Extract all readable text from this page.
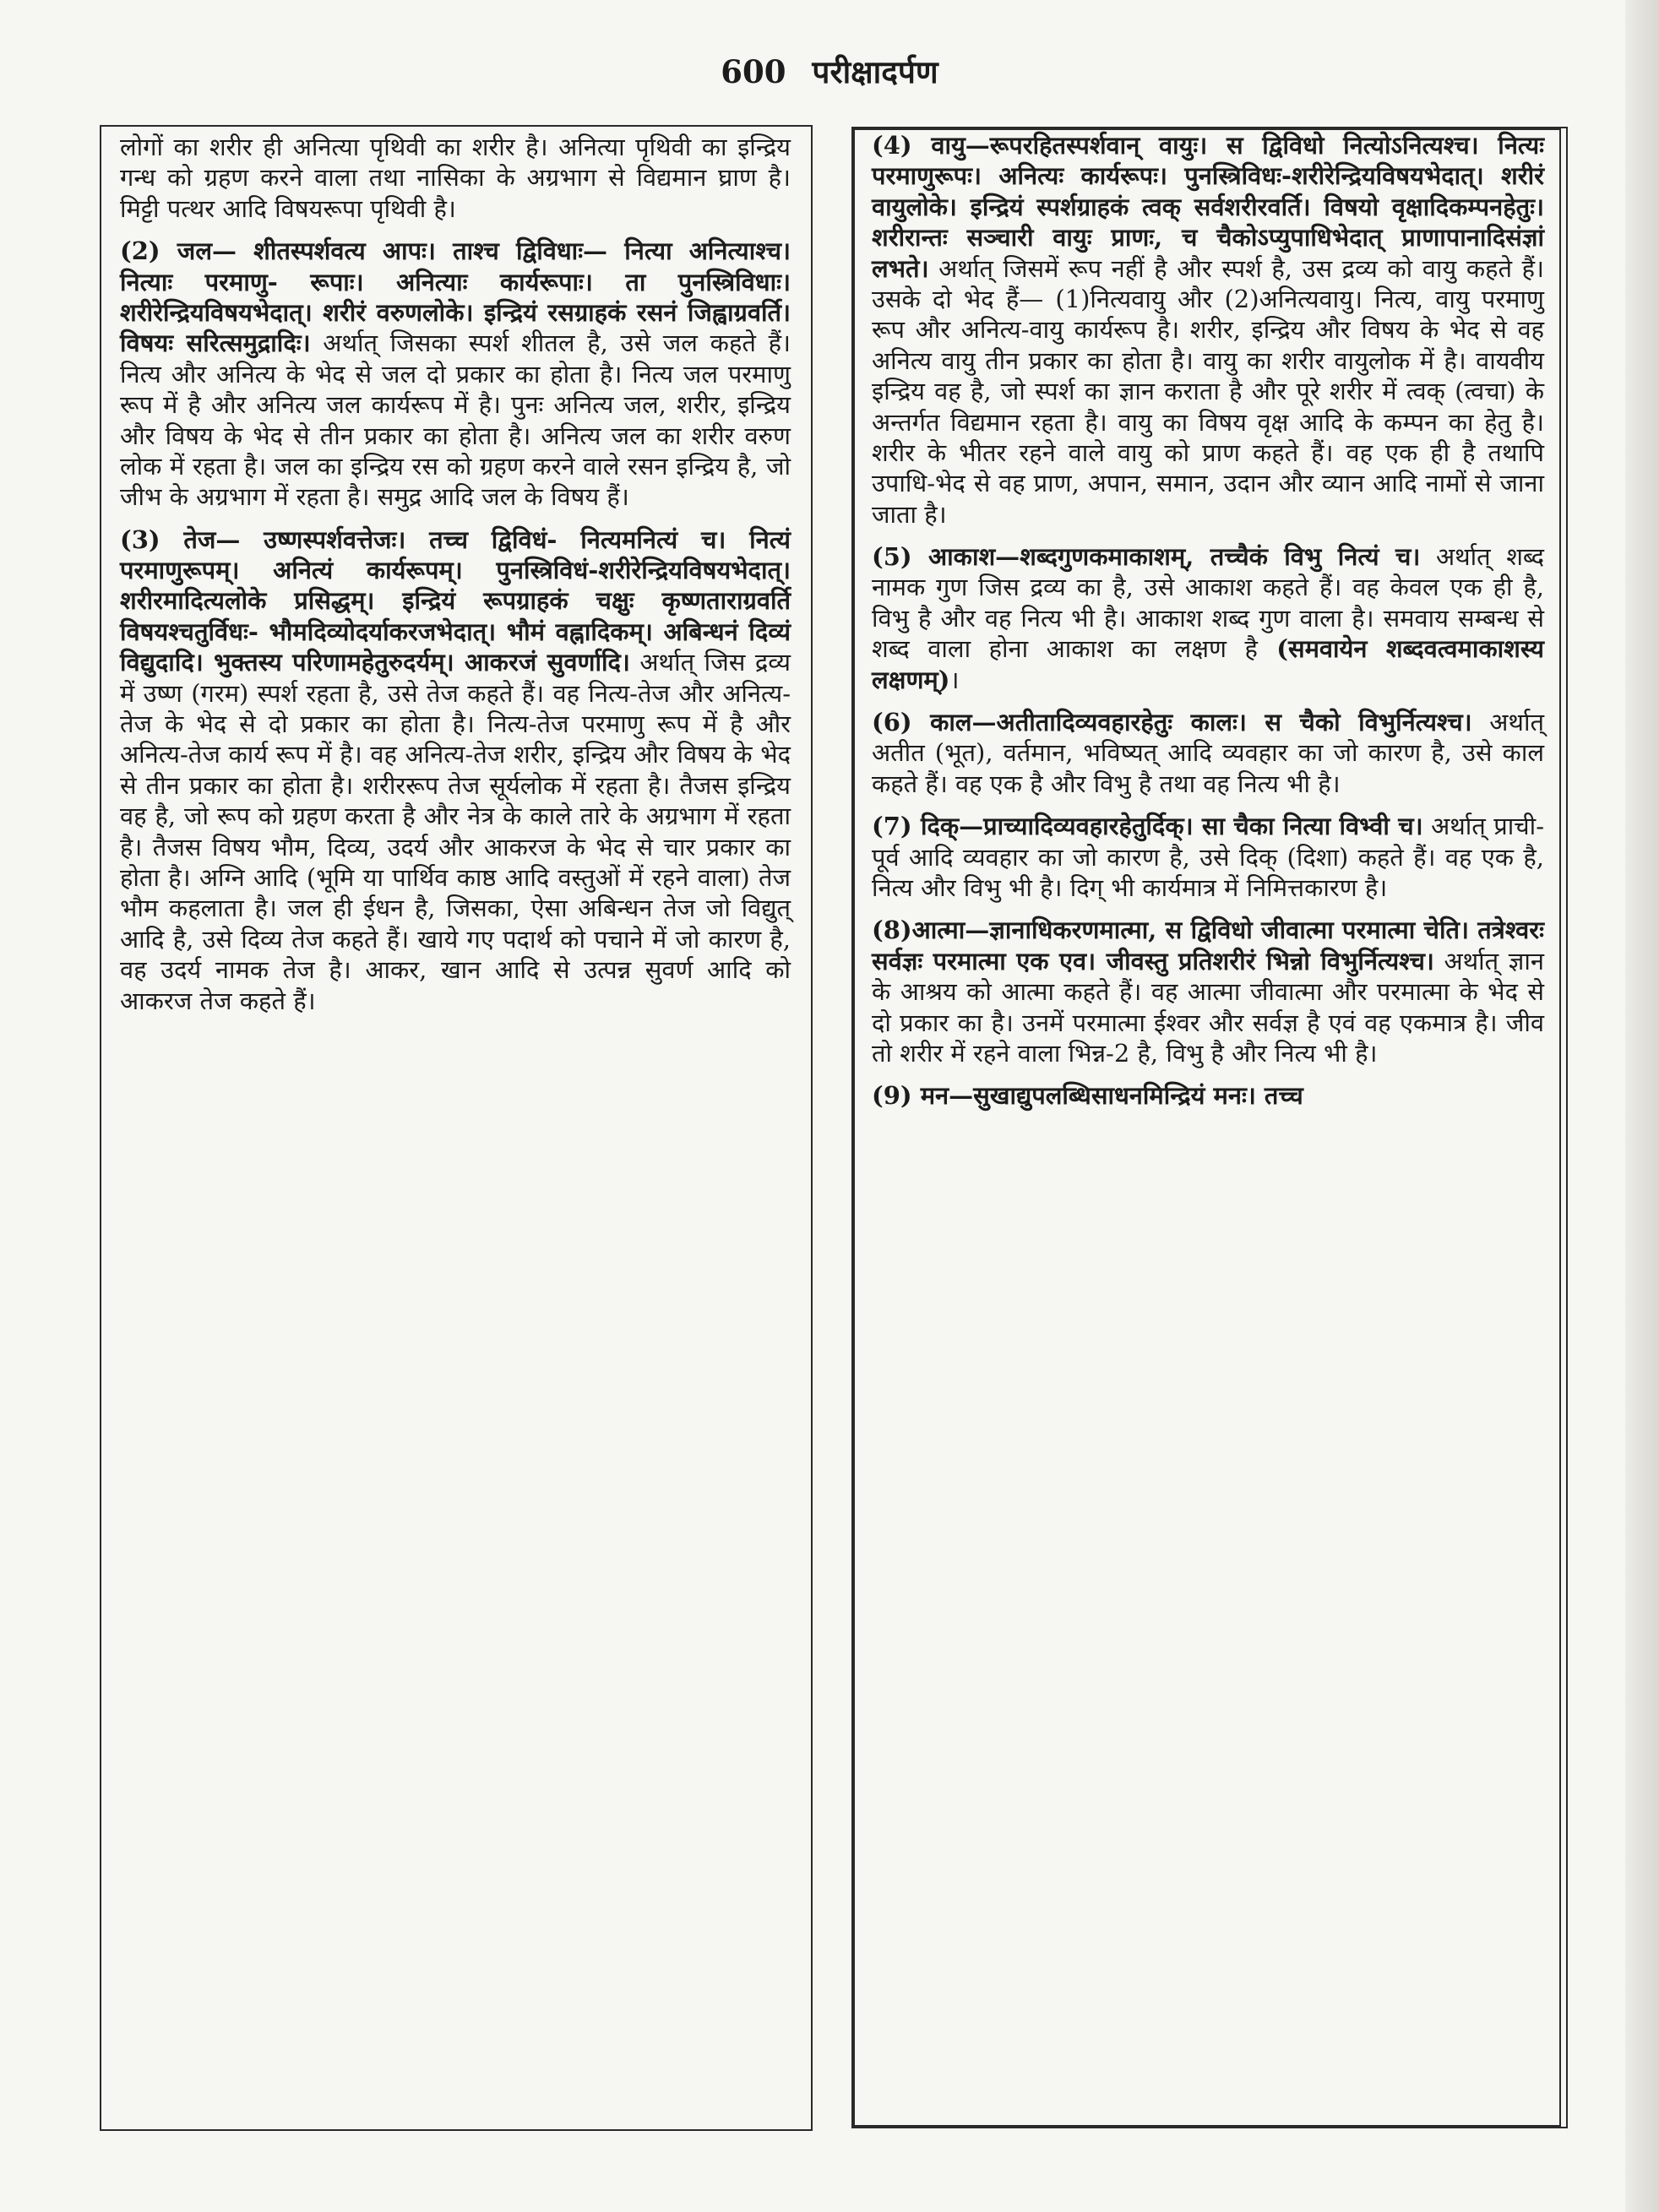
600 परीक्षादर्पण

लोगों का शरीर ही अनित्या पृथिवी का शरीर है। अनित्या पृथिवी का इन्द्रिय गन्ध को ग्रहण करने वाला तथा नासिका के अग्रभाग से विद्यमान घ्राण है। मिट्टी पत्थर आदि विषयरूपा पृथिवी है।

(2) जल— शीतस्पर्शवत्य आपः। ताश्च द्विविधाः— नित्या अनित्याश्च। नित्याः परमाणु- रूपाः। अनित्याः कार्यरूपाः। ता पुनस्त्रिविधाः। शरीरेन्द्रियविषयभेदात्। शरीरं वरुणलोके। इन्द्रियं रसग्राहकं रसनं जिह्वाग्रवर्ति। विषयः सरित्समुद्रादिः। अर्थात् जिसका स्पर्श शीतल है, उसे जल कहते हैं। नित्य और अनित्य के भेद से जल दो प्रकार का होता है। नित्य जल परमाणु रूप में है और अनित्य जल कार्यरूप में है। पुनः अनित्य जल, शरीर, इन्द्रिय और विषय के भेद से तीन प्रकार का होता है। अनित्य जल का शरीर वरुण लोक में रहता है। जल का इन्द्रिय रस को ग्रहण करने वाले रसन इन्द्रिय है, जो जीभ के अग्रभाग में रहता है। समुद्र आदि जल के विषय हैं।

(3) तेज— उष्णस्पर्शवत्तेजः। तच्च द्विविधं- नित्यमनित्यं च। नित्यं परमाणुरूपम्। अनित्यं कार्यरूपम्। पुनस्त्रिविधं-शरीरेन्द्रियविषयभेदात्। शरीरमादित्यलोके प्रसिद्धम्। इन्द्रियं रूपग्राहकं चक्षुः कृष्णताराग्रवर्ति विषयश्चतुर्विधः- भौमदिव्योदर्याकरजभेदात्। भौमं वह्नादिकम्। अबिन्धनं दिव्यं विद्युदादि। भुक्तस्य परिणामहेतुरुदर्यम्। आकरजं सुवर्णादि। अर्थात् जिस द्रव्य में उष्ण (गरम) स्पर्श रहता है, उसे तेज कहते हैं। वह नित्य-तेज और अनित्य-तेज के भेद से दो प्रकार का होता है। नित्य-तेज परमाणु रूप में है और अनित्य-तेज कार्य रूप में है। वह अनित्य-तेज शरीर, इन्द्रिय और विषय के भेद से तीन प्रकार का होता है। शरीररूप तेज सूर्यलोक में रहता है। तैजस इन्द्रिय वह है, जो रूप को ग्रहण करता है और नेत्र के काले तारे के अग्रभाग में रहता है। तैजस विषय भौम, दिव्य, उदर्य और आकरज के भेद से चार प्रकार का होता है। अग्नि आदि (भूमि या पार्थिव काष्ठ आदि वस्तुओं में रहने वाला) तेज भौम कहलाता है। जल ही ईधन है, जिसका, ऐसा अबिन्धन तेज जो विद्युत् आदि है, उसे दिव्य तेज कहते हैं। खाये गए पदार्थ को पचाने में जो कारण है, वह उदर्य नामक तेज है। आकर, खान आदि से उत्पन्न सुवर्ण आदि को आकरज तेज कहते हैं।

(4) वायु—रूपरहितस्पर्शवान् वायुः। स द्विविधो नित्योऽनित्यश्च। नित्यः परमाणुरूपः। अनित्यः कार्यरूपः। पुनस्त्रिविधः-शरीरेन्द्रियविषयभेदात्। शरीरं वायुलोके। इन्द्रियं स्पर्शग्राहकं त्वक् सर्वशरीरवर्ति। विषयो वृक्षादिकम्पनहेतुः। शरीरान्तः सञ्चारी वायुः प्राणः, च चैकोऽप्युपाधिभेदात् प्राणापानादिसंज्ञां लभते। अर्थात् जिसमें रूप नहीं है और स्पर्श है, उस द्रव्य को वायु कहते हैं। उसके दो भेद हैं— (1)नित्यवायु और (2)अनित्यवायु। नित्य, वायु परमाणु रूप और अनित्य-वायु कार्यरूप है। शरीर, इन्द्रिय और विषय के भेद से वह अनित्य वायु तीन प्रकार का होता है। वायु का शरीर वायुलोक में है। वायवीय इन्द्रिय वह है, जो स्पर्श का ज्ञान कराता है और पूरे शरीर में त्वक् (त्वचा) के अन्तर्गत विद्यमान रहता है। वायु का विषय वृक्ष आदि के कम्पन का हेतु है। शरीर के भीतर रहने वाले वायु को प्राण कहते हैं। वह एक ही है तथापि उपाधि-भेद से वह प्राण, अपान, समान, उदान और व्यान आदि नामों से जाना जाता है।

(5) आकाश—शब्दगुणकमाकाशम्, तच्चैकं विभु नित्यं च। अर्थात् शब्द नामक गुण जिस द्रव्य का है, उसे आकाश कहते हैं। वह केवल एक ही है, विभु है और वह नित्य भी है। आकाश शब्द गुण वाला है। समवाय सम्बन्ध से शब्द वाला होना आकाश का लक्षण है (समवायेन शब्दवत्वमाकाशस्य लक्षणम्)।

(6) काल—अतीतादिव्यवहारहेतुः कालः। स चैको विभुर्नित्यश्च। अर्थात् अतीत (भूत), वर्तमान, भविष्यत् आदि व्यवहार का जो कारण है, उसे काल कहते हैं। वह एक है और विभु है तथा वह नित्य भी है।

(7) दिक्—प्राच्यादिव्यवहारहेतुर्दिक्। सा चैका नित्या विभ्वी च। अर्थात् प्राची-पूर्व आदि व्यवहार का जो कारण है, उसे दिक् (दिशा) कहते हैं। वह एक है, नित्य और विभु भी है। दिग् भी कार्यमात्र में निमित्तकारण है।

(8)आत्मा—ज्ञानाधिकरणमात्मा, स द्विविधो जीवात्मा परमात्मा चेति। तत्रेश्वरः सर्वज्ञः परमात्मा एक एव। जीवस्तु प्रतिशरीरं भिन्नो विभुर्नित्यश्च। अर्थात् ज्ञान के आश्रय को आत्मा कहते हैं। वह आत्मा जीवात्मा और परमात्मा के भेद से दो प्रकार का है। उनमें परमात्मा ईश्वर और सर्वज्ञ है एवं वह एकमात्र है। जीव तो शरीर में रहने वाला भिन्न-2 है, विभु है और नित्य भी है।

(9) मन—सुखाद्युपलब्धिसाधनमिन्द्रियं मनः। तच्च
